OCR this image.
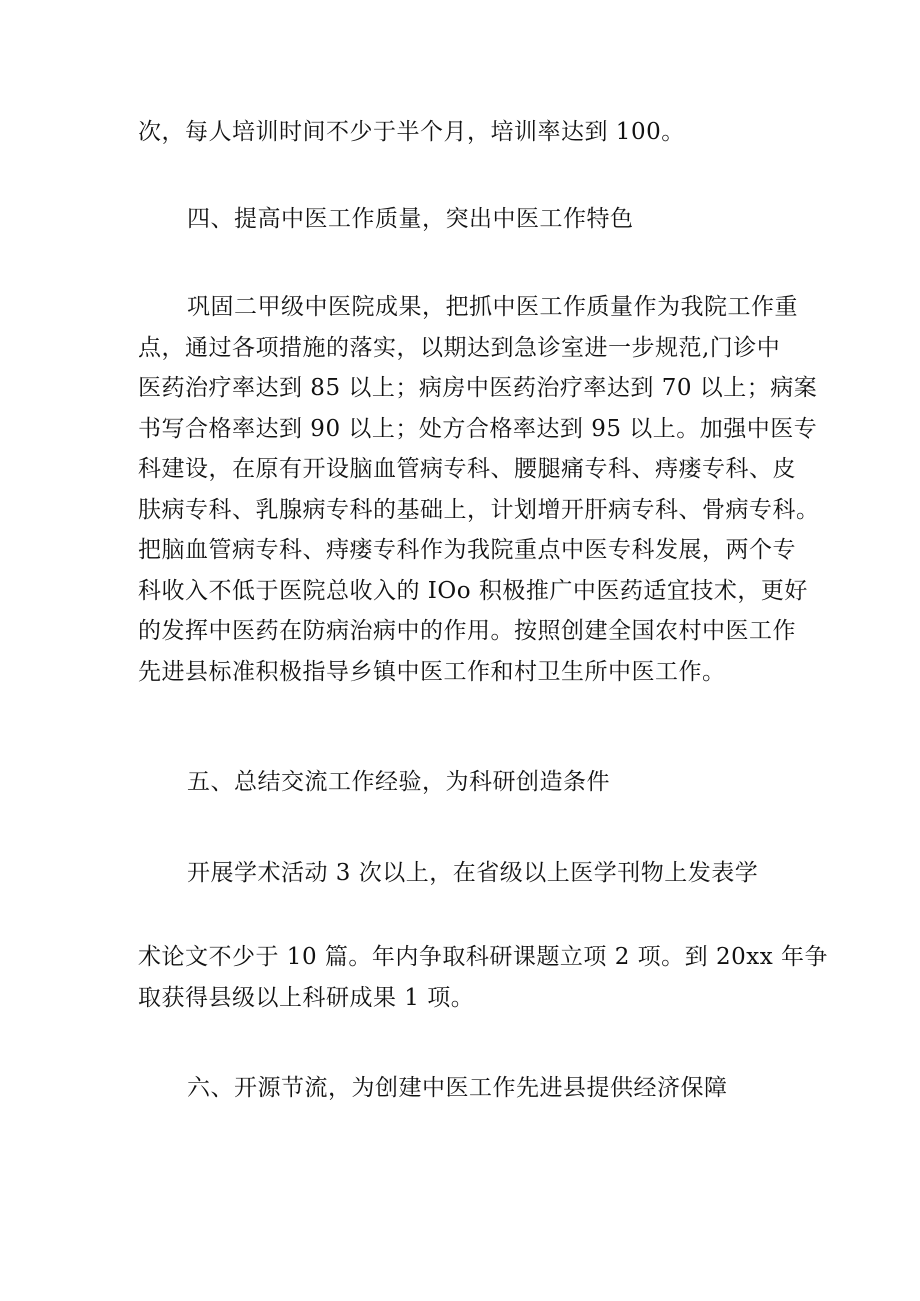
次，每人培训时间不少于半个月，培训率达到 100。
四、提高中医工作质量，突出中医工作特色
巩固二甲级中医院成果，把抓中医工作质量作为我院工作重
点，通过各项措施的落实，以期达到急诊室进一步规范,门诊中
医药治疗率达到 85 以上；病房中医药治疗率达到 70 以上；病案
书写合格率达到 90 以上；处方合格率达到 95 以上。加强中医专
科建设，在原有开设脑血管病专科、腰腿痛专科、痔瘘专科、皮
肤病专科、乳腺病专科的基础上，计划增开肝病专科、骨病专科。
把脑血管病专科、痔瘘专科作为我院重点中医专科发展，两个专
科收入不低于医院总收入的 IOo 积极推广中医药适宜技术，更好
的发挥中医药在防病治病中的作用。按照创建全国农村中医工作
先进县标准积极指导乡镇中医工作和村卫生所中医工作。
五、总结交流工作经验，为科研创造条件
开展学术活动 3 次以上，在省级以上医学刊物上发表学
术论文不少于 10 篇。年内争取科研课题立项 2 项。到 20xx 年争
取获得县级以上科研成果 1 项。
六、开源节流，为创建中医工作先进县提供经济保障
